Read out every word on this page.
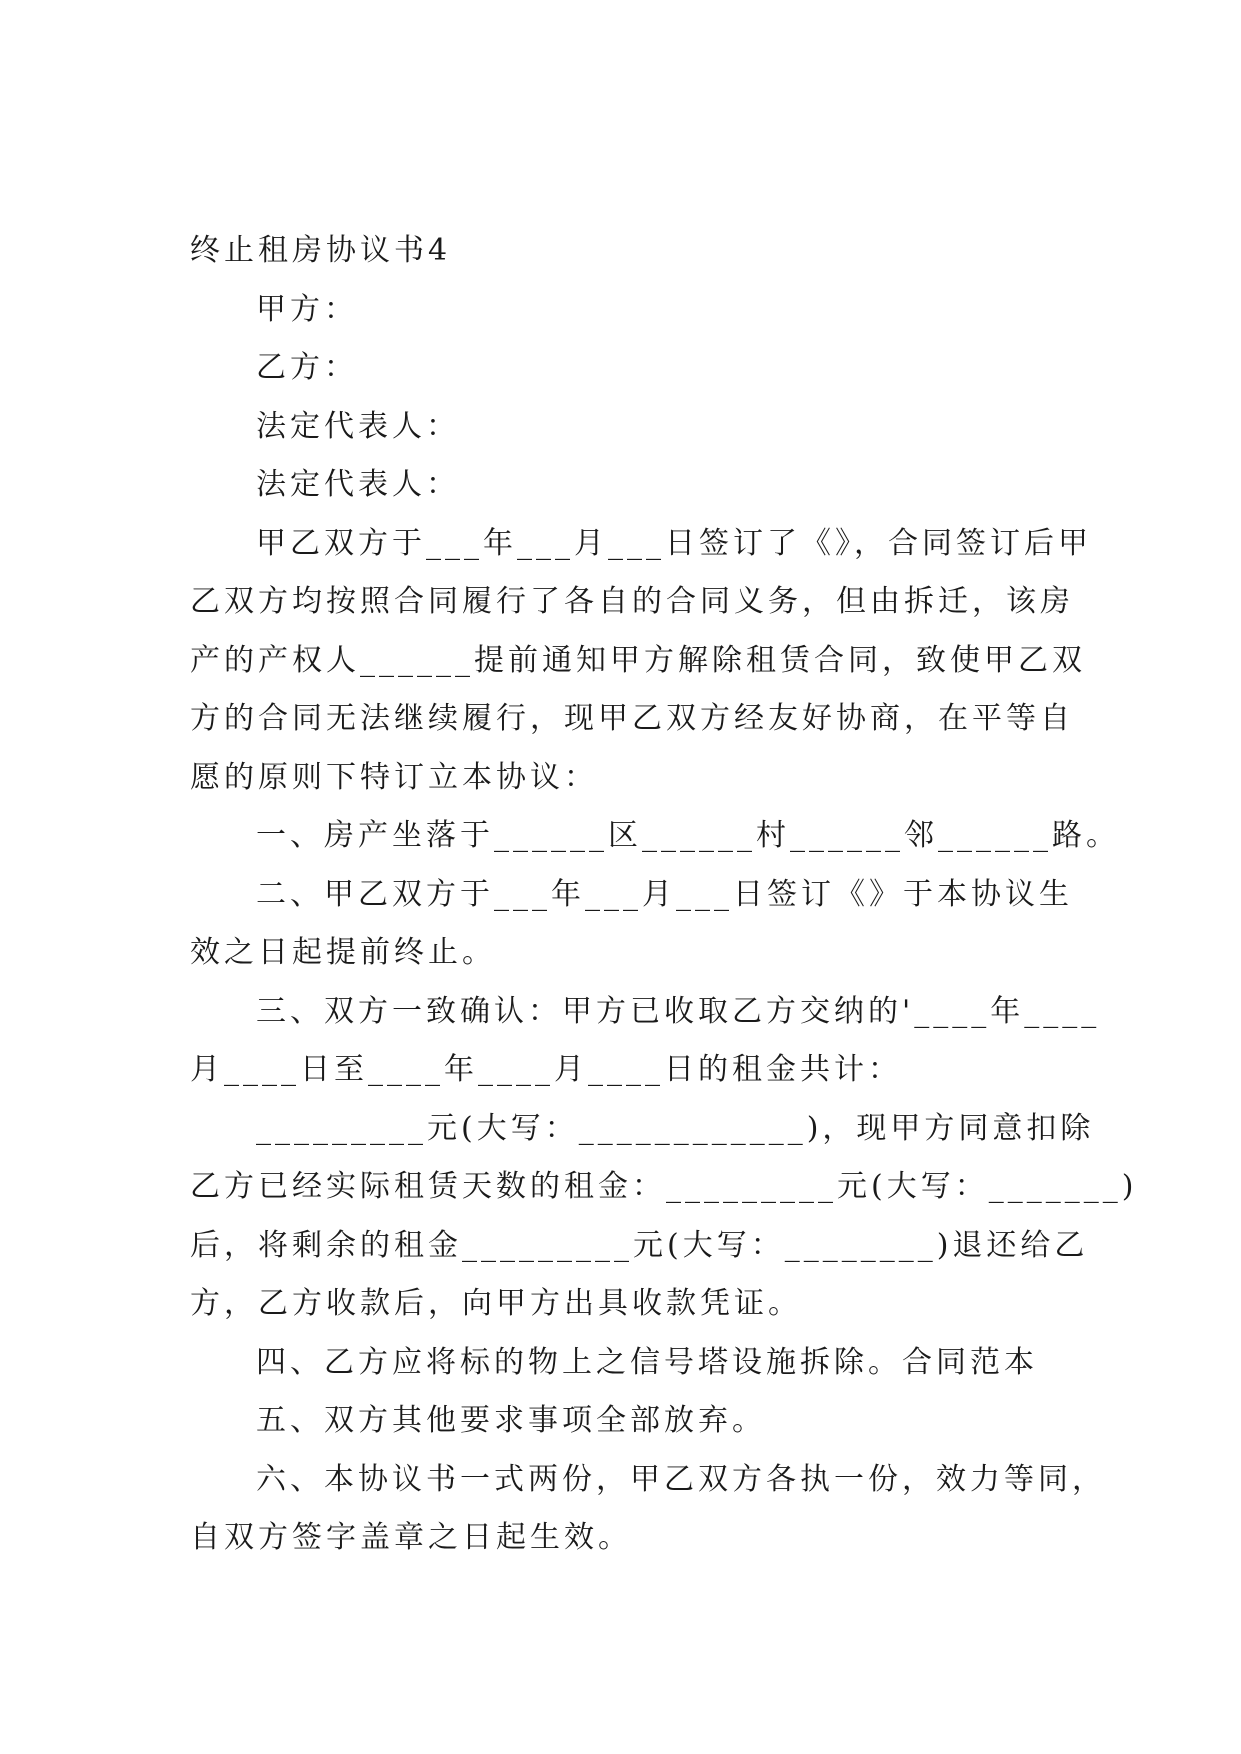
终止租房协议书4

甲方：

乙方：

法定代表人：

法定代表人：

甲乙双方于___年___月___日签订了《》，合同签订后甲

乙双方均按照合同履行了各自的合同义务，但由拆迁，该房

产的产权人______提前通知甲方解除租赁合同，致使甲乙双

方的合同无法继续履行，现甲乙双方经友好协商，在平等自

愿的原则下特订立本协议：

一、房产坐落于______区______村______邻______路。

二、甲乙双方于___年___月___日签订《》于本协议生

效之日起提前终止。

三、双方一致确认：甲方已收取乙方交纳的'____年____

月____日至____年____月____日的租金共计：

_________元(大写：____________)，现甲方同意扣除

乙方已经实际租赁天数的租金：_________元(大写：_______)

后，将剩余的租金_________元(大写：________)退还给乙

方，乙方收款后，向甲方出具收款凭证。

四、乙方应将标的物上之信号塔设施拆除。合同范本

五、双方其他要求事项全部放弃。

六、本协议书一式两份，甲乙双方各执一份，效力等同，

自双方签字盖章之日起生效。
